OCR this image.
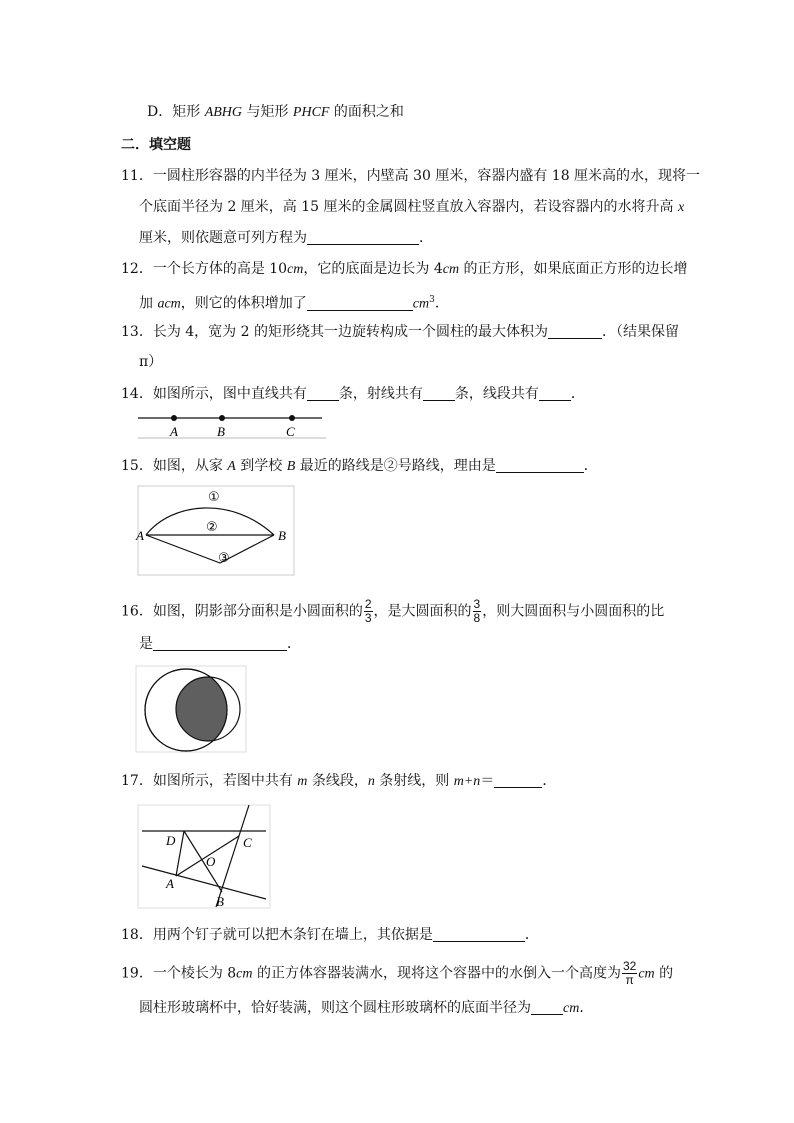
D．矩形 ABHG 与矩形 PHCF 的面积之和
二．填空题
11．一圆柱形容器的内半径为 3 厘米，内壁高 30 厘米，容器内盛有 18 厘米高的水，现将一
个底面半径为 2 厘米，高 15 厘米的金属圆柱竖直放入容器内，若设容器内的水将升高 x
厘米，则依题意可列方程为	．
12．一个长方体的高是 10cm，它的底面是边长为 4cm 的正方形，如果底面正方形的边长增
加 acm，则它的体积增加了	$cm^3$．
13．长为 4，宽为 2 的矩形绕其一边旋转构成一个圆柱的最大体积为	．（结果保留
π）
14．如图所示，图中直线共有 条，射线共有 条，线段共有 ．
A	B	C
15．如图，从家 A 到学校 B 最近的路线是②号路线，理由是	．
A	B
①
②
③
16．如图，阴影部分面积是小圆面积的 $\frac{2}{3}$ ，是大圆面积的 $\frac{3}{8}$ ，则大圆面积与小圆面积的比
是	．
17．如图所示，若图中共有 m 条线段，n 条射线，则 m+n＝	．
D	C
O
A
B
18．用两个钉子就可以把木条钉在墙上，其依据是	．
19．一个棱长为 8cm 的正方体容器装满水，现将这个容器中的水倒入一个高度为 $\frac{32}{\pi}$ cm 的
圆柱形玻璃杯中，恰好装满，则这个圆柱形玻璃杯的底面半径为 cm．
